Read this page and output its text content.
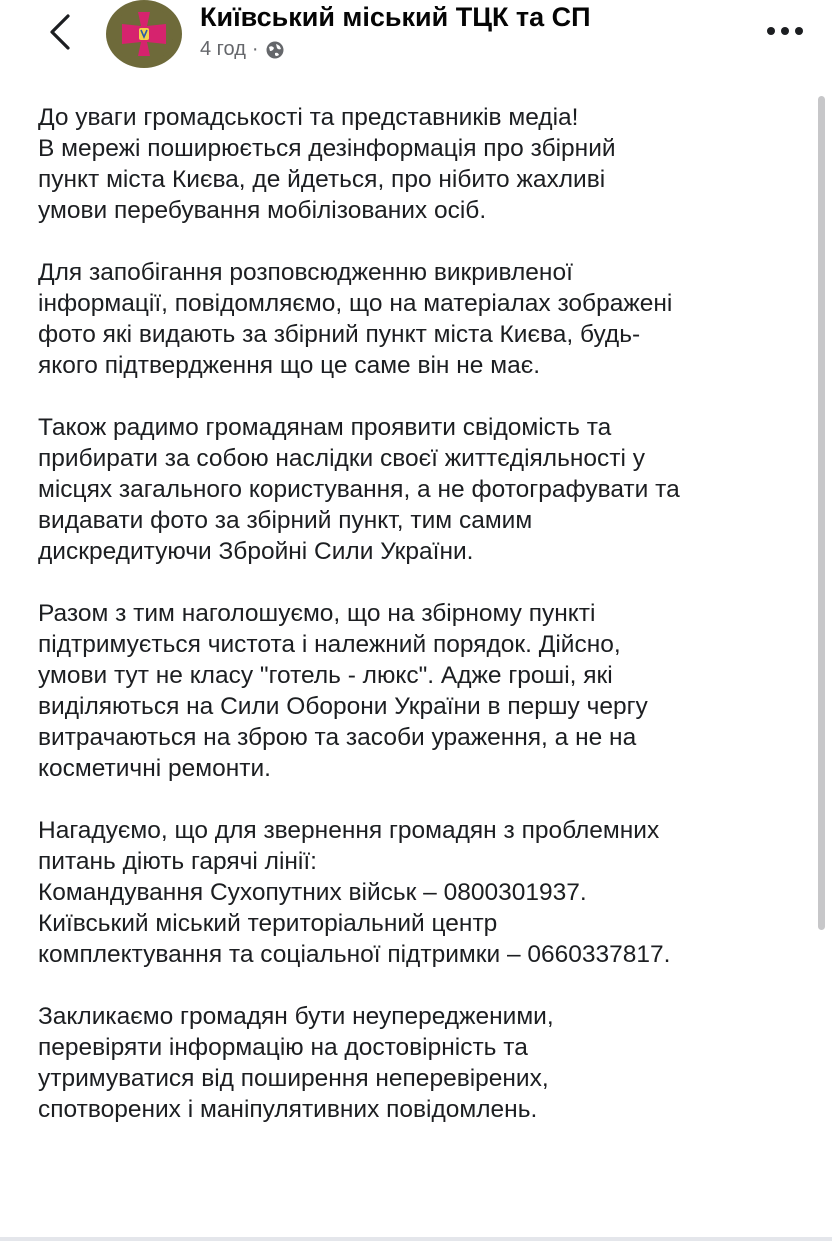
Київський міський ТЦК та СП
4 год ·
До уваги громадськості та представників медіа!
В мережі поширюється дезінформація про збірний
пункт міста Києва, де йдеться, про нібито жахливі
умови перебування мобілізованих осіб.
Для запобігання розповсюдженню викривленої
інформації, повідомляємо, що на матеріалах зображені
фото які видають за збірний пункт міста Києва, будь-
якого підтвердження що це саме він не має.
Також радимо громадянам проявити свідомість та
прибирати за собою наслідки своєї життєдіяльності у
місцях загального користування, а не фотографувати та
видавати фото за збірний пункт, тим самим
дискредитуючи Збройні Сили України.
Разом з тим наголошуємо, що на збірному пункті
підтримується чистота і належний порядок. Дійсно,
умови тут не класу "готель - люкс". Адже гроші, які
виділяються на Сили Оборони України в першу чергу
витрачаються на зброю та засоби ураження, а не на
косметичні ремонти.
Нагадуємо, що для звернення громадян з проблемних
питань діють гарячі лінії:
Командування Сухопутних військ – 0800301937.
Київський міський територіальний центр
комплектування та соціальної підтримки – 0660337817.
Закликаємо громадян бути неупередженими,
перевіряти інформацію на достовірність та
утримуватися від поширення неперевірених,
спотворених і маніпулятивних повідомлень.
